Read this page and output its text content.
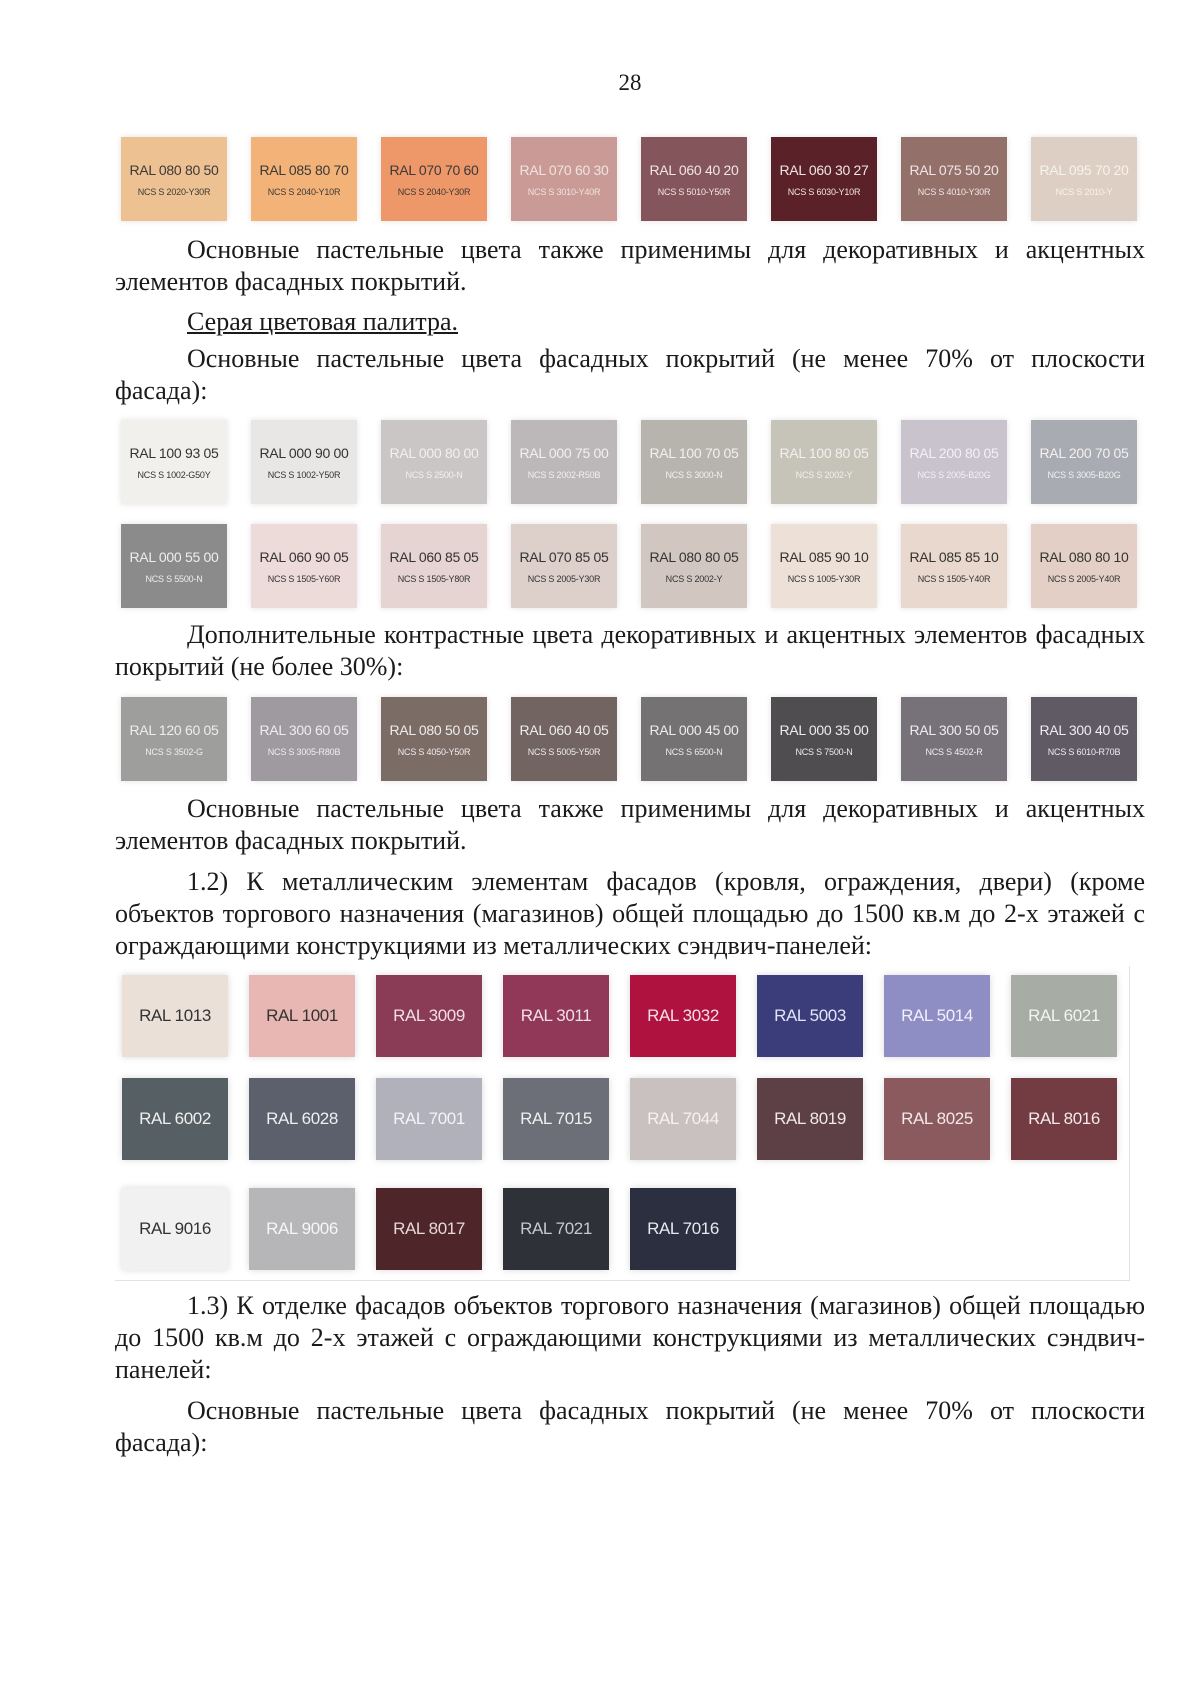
28
RAL 080 80 50
NCS S 2020-Y30R
RAL 085 80 70
NCS S 2040-Y10R
RAL 070 70 60
NCS S 2040-Y30R
RAL 070 60 30
NCS S 3010-Y40R
RAL 060 40 20
NCS S 5010-Y50R
RAL 060 30 27
NCS S 6030-Y10R
RAL 075 50 20
NCS S 4010-Y30R
RAL 095 70 20
NCS S 2010-Y

Основные пастельные цвета также применимы для декоративных и акцентных элементов фасадных покрытий.

Серая цветовая палитра.

Основные пастельные цвета фасадных покрытий (не менее 70% от плоскости фасада):

RAL 100 93 05
NCS S 1002-G50Y
RAL 000 90 00
NCS S 1002-Y50R
RAL 000 80 00
NCS S 2500-N
RAL 000 75 00
NCS S 2002-R50B
RAL 100 70 05
NCS S 3000-N
RAL 100 80 05
NCS S 2002-Y
RAL 200 80 05
NCS S 2005-B20G
RAL 200 70 05
NCS S 3005-B20G
RAL 000 55 00
NCS S 5500-N
RAL 060 90 05
NCS S 1505-Y60R
RAL 060 85 05
NCS S 1505-Y80R
RAL 070 85 05
NCS S 2005-Y30R
RAL 080 80 05
NCS S 2002-Y
RAL 085 90 10
NCS S 1005-Y30R
RAL 085 85 10
NCS S 1505-Y40R
RAL 080 80 10
NCS S 2005-Y40R

Дополнительные контрастные цвета декоративных и акцентных элементов фасадных покрытий (не более 30%):

RAL 120 60 05
NCS S 3502-G
RAL 300 60 05
NCS S 3005-R80B
RAL 080 50 05
NCS S 4050-Y50R
RAL 060 40 05
NCS S 5005-Y50R
RAL 000 45 00
NCS S 6500-N
RAL 000 35 00
NCS S 7500-N
RAL 300 50 05
NCS S 4502-R
RAL 300 40 05
NCS S 6010-R70B

Основные пастельные цвета также применимы для декоративных и акцентных элементов фасадных покрытий.

1.2) К металлическим элементам фасадов (кровля, ограждения, двери) (кроме объектов торгового назначения (магазинов) общей площадью до 1500 кв.м до 2-х этажей с ограждающими конструкциями из металлических сэндвич-панелей:

RAL 1013	RAL 1001	RAL 3009	RAL 3011	RAL 3032	RAL 5003	RAL 5014	RAL 6021
RAL 6002	RAL 6028	RAL 7001	RAL 7015	RAL 7044	RAL 8019	RAL 8025	RAL 8016
RAL 9016	RAL 9006	RAL 8017	RAL 7021	RAL 7016

1.3) К отделке фасадов объектов торгового назначения (магазинов) общей площадью до 1500 кв.м до 2-х этажей с ограждающими конструкциями из металлических сэндвич-панелей:

Основные пастельные цвета фасадных покрытий (не менее 70% от плоскости фасада):
